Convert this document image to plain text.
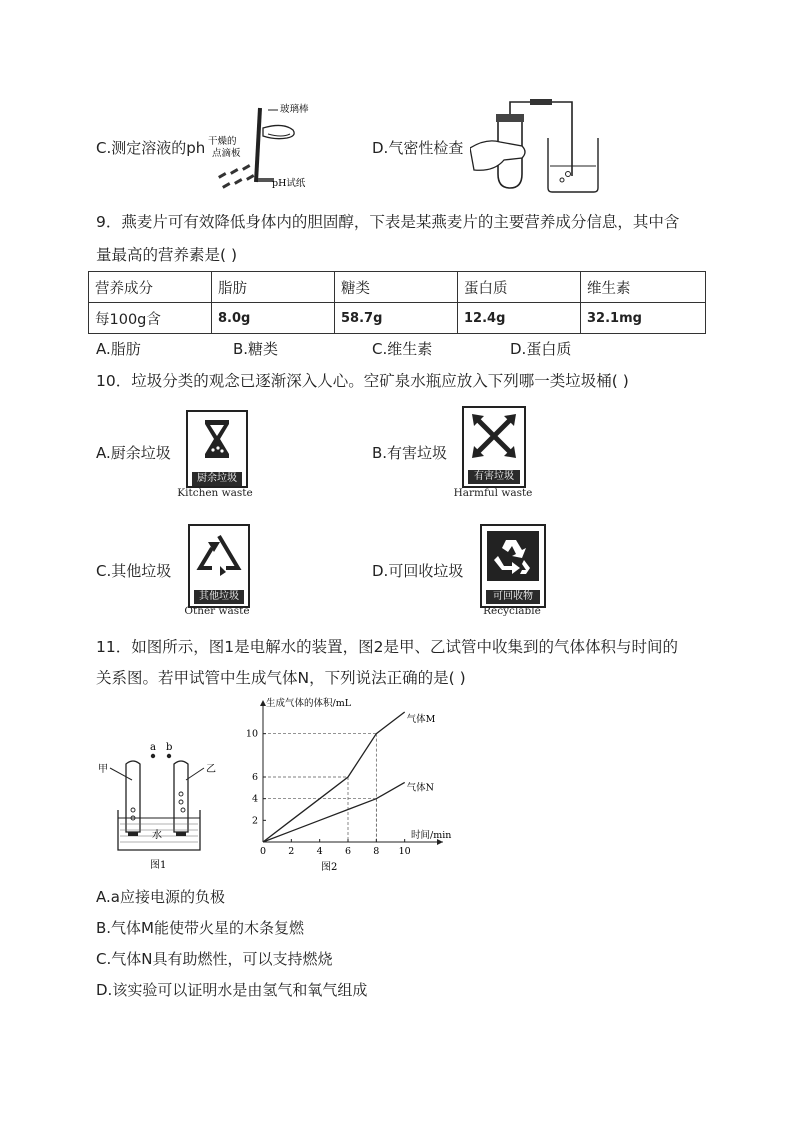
C.测定溶液的ph
玻璃棒
干燥的
点滴板
pH试纸
D.气密性检查
9．燕麦片可有效降低身体内的胆固醇，下表是某燕麦片的主要营养成分信息，其中含
量最高的营养素是( )
营养成分	脂肪	糖类	蛋白质	维生素
每100g含	8.0g	58.7g	12.4g	32.1mg
A.脂肪	B.糖类	C.维生素	D.蛋白质
10．垃圾分类的观念已逐渐深入人心。空矿泉水瓶应放入下列哪一类垃圾桶( )
A.厨余垃圾
厨余垃圾
Kitchen waste
B.有害垃圾
有害垃圾
Harmful waste
C.其他垃圾
其他垃圾
Other waste
D.可回收垃圾
可回收物
Recyclable
11．如图所示，图1是电解水的装置，图2是甲、乙试管中收集到的气体体积与时间的
关系图。若甲试管中生成气体N，下列说法正确的是( )
a b
甲	乙
水
图1
0 2 4 6 8 10
2
4
6
10
气体M
气体N
生成气体的体积/mL
时间/min
图2
A.a应接电源的负极
B.气体M能使带火星的木条复燃
C.气体N具有助燃性，可以支持燃烧
D.该实验可以证明水是由氢气和氧气组成
